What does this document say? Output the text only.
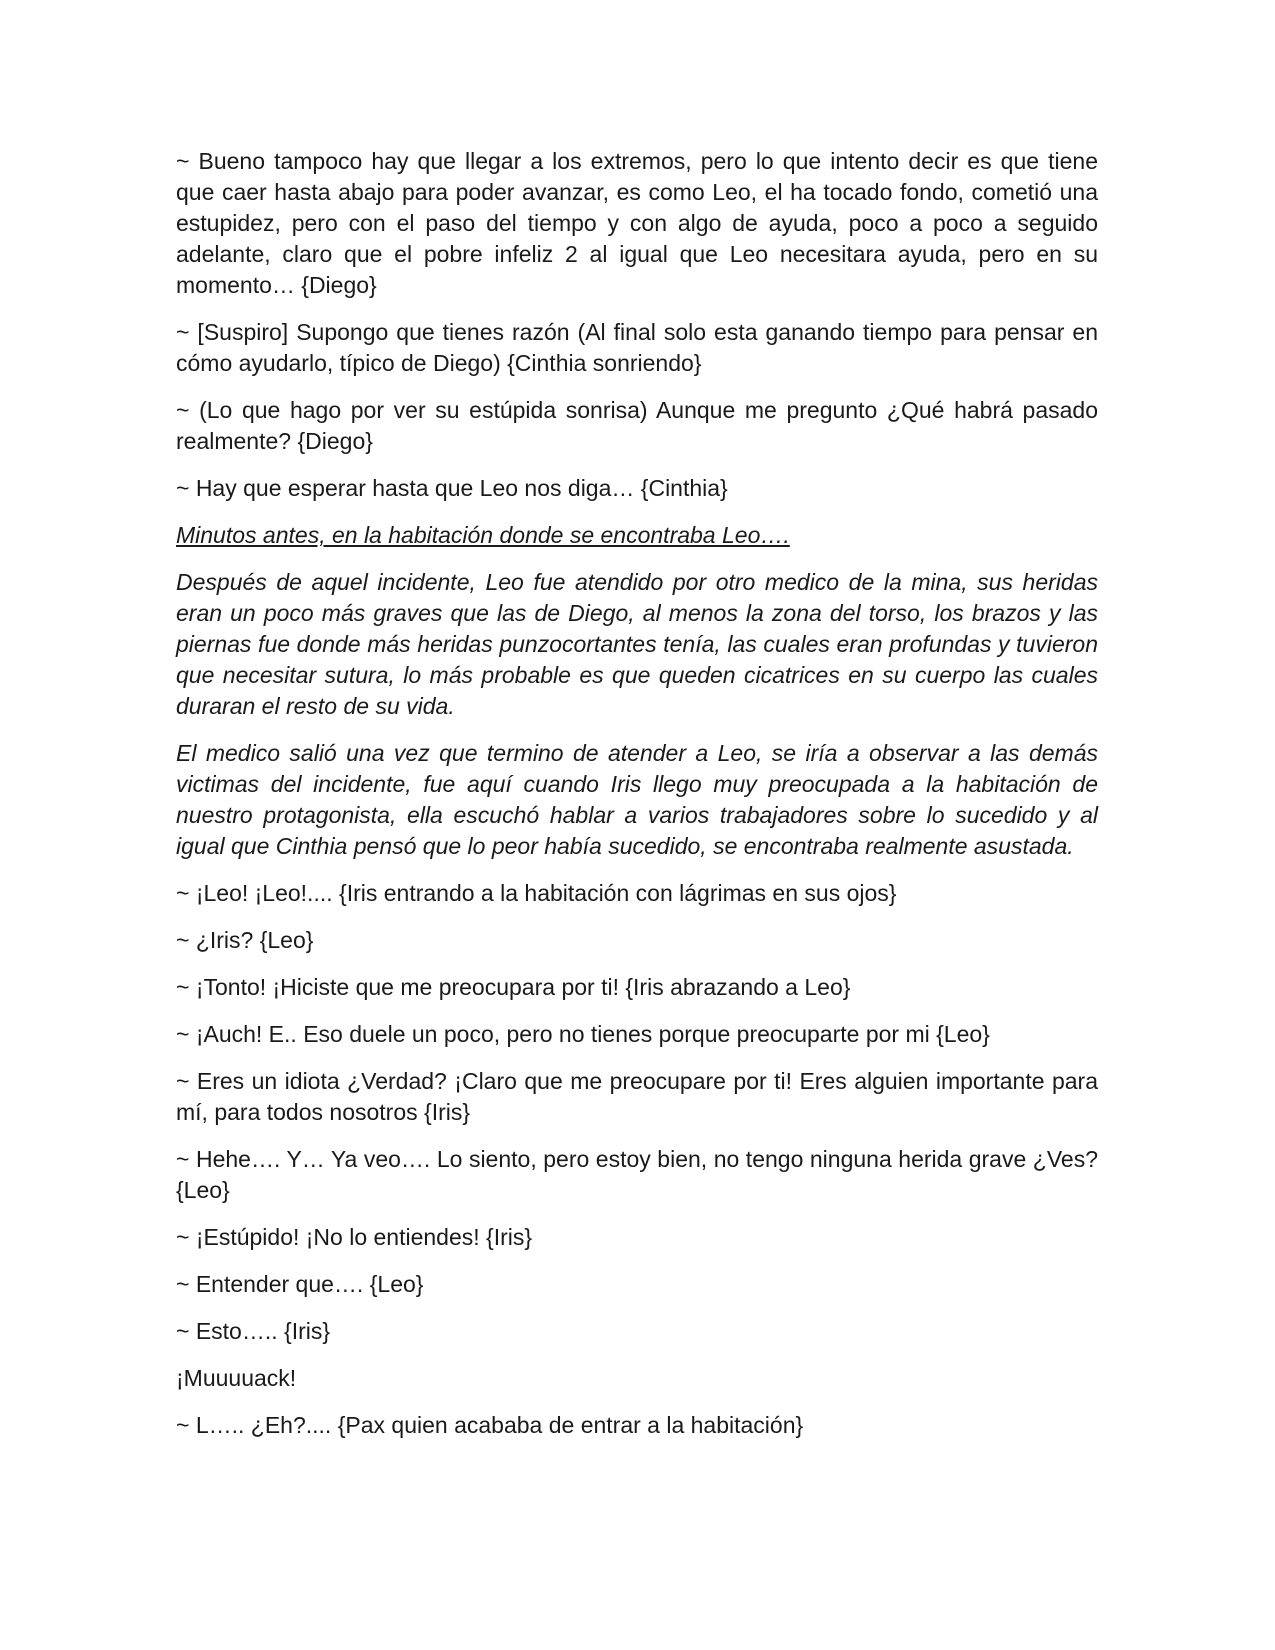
~ Bueno tampoco hay que llegar a los extremos, pero lo que intento decir es que tiene que caer hasta abajo para poder avanzar, es como Leo, el ha tocado fondo, cometió una estupidez, pero con el paso del tiempo y con algo de ayuda, poco a poco a seguido adelante, claro que el pobre infeliz 2 al igual que Leo necesitara ayuda, pero en su momento… {Diego}

~ [Suspiro] Supongo que tienes razón (Al final solo esta ganando tiempo para pensar en cómo ayudarlo, típico de Diego) {Cinthia sonriendo}

~ (Lo que hago por ver su estúpida sonrisa) Aunque me pregunto ¿Qué habrá pasado realmente? {Diego}

~ Hay que esperar hasta que Leo nos diga… {Cinthia}

Minutos antes, en la habitación donde se encontraba Leo….

Después de aquel incidente, Leo fue atendido por otro medico de la mina, sus heridas eran un poco más graves que las de Diego, al menos la zona del torso, los brazos y las piernas fue donde más heridas punzocortantes tenía, las cuales eran profundas y tuvieron que necesitar sutura, lo más probable es que queden cicatrices en su cuerpo las cuales duraran el resto de su vida.

El medico salió una vez que termino de atender a Leo, se iría a observar a las demás victimas del incidente, fue aquí cuando Iris llego muy preocupada a la habitación de nuestro protagonista, ella escuchó hablar a varios trabajadores sobre lo sucedido y al igual que Cinthia pensó que lo peor había sucedido, se encontraba realmente asustada.

~ ¡Leo! ¡Leo!.... {Iris entrando a la habitación con lágrimas en sus ojos}

~ ¿Iris? {Leo}

~ ¡Tonto! ¡Hiciste que me preocupara por ti! {Iris abrazando a Leo}

~ ¡Auch! E.. Eso duele un poco, pero no tienes porque preocuparte por mi {Leo}

~ Eres un idiota ¿Verdad? ¡Claro que me preocupare por ti! Eres alguien importante para mí, para todos nosotros {Iris}

~ Hehe…. Y… Ya veo…. Lo siento, pero estoy bien, no tengo ninguna herida grave ¿Ves? {Leo}

~ ¡Estúpido! ¡No lo entiendes! {Iris}

~ Entender que…. {Leo}

~ Esto….. {Iris}

¡Muuuuack!

~ L….. ¿Eh?.... {Pax quien acababa de entrar a la habitación}
